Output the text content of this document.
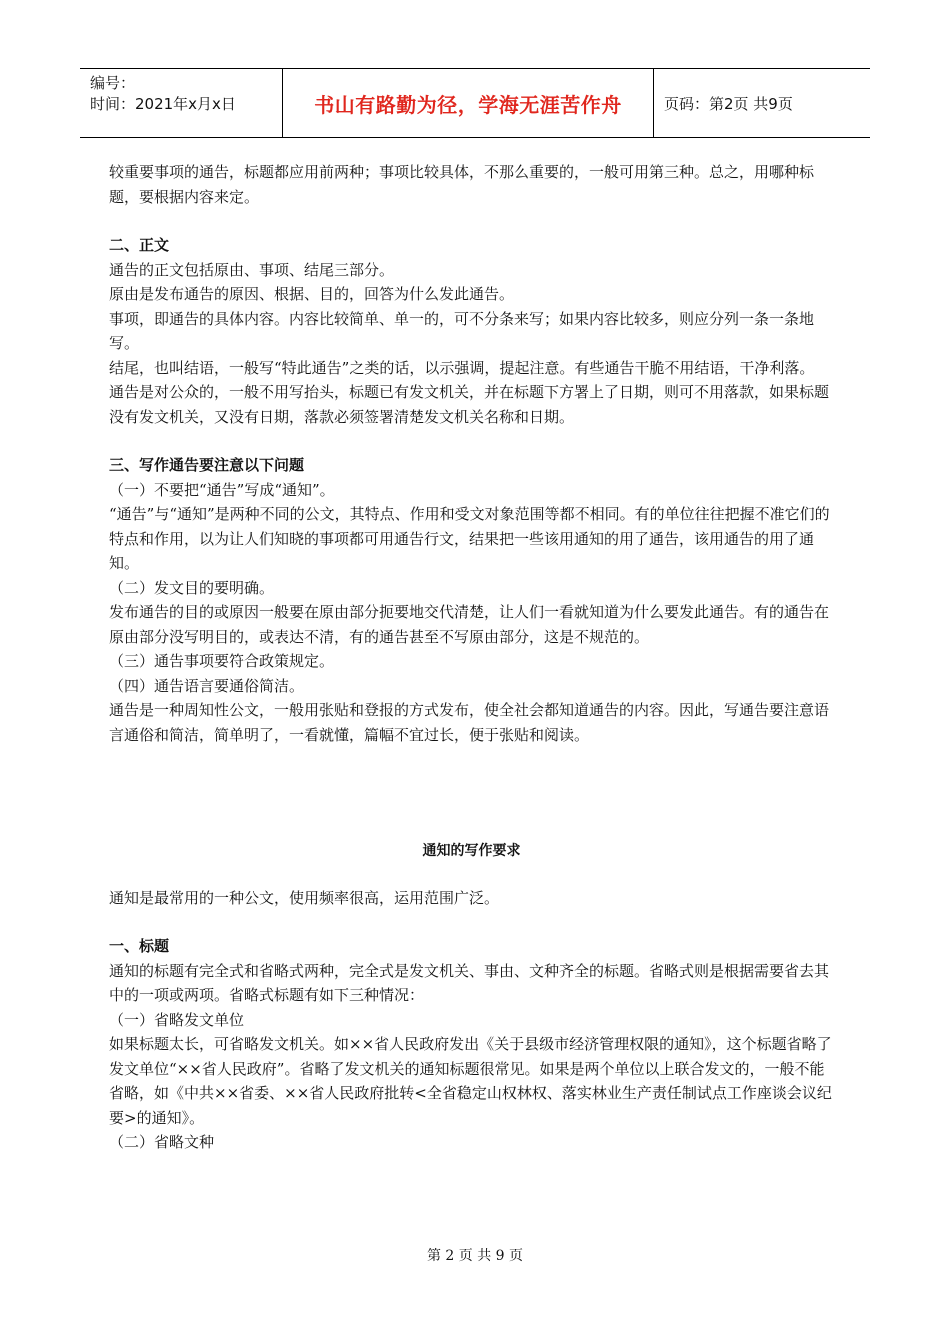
编号：
时间：2021年x月x日	书山有路勤为径，学海无涯苦作舟	页码：第2页 共9页

较重要事项的通告，标题都应用前两种；事项比较具体，不那么重要的，一般可用第三种。总之，用哪种标题，要根据内容来定。

二、正文

通告的正文包括原由、事项、结尾三部分。

原由是发布通告的原因、根据、目的，回答为什么发此通告。

事项，即通告的具体内容。内容比较简单、单一的，可不分条来写；如果内容比较多，则应分列一条一条地写。

结尾，也叫结语，一般写“特此通告”之类的话，以示强调，提起注意。有些通告干脆不用结语，干净利落。

通告是对公众的，一般不用写抬头，标题已有发文机关，并在标题下方署上了日期，则可不用落款，如果标题没有发文机关，又没有日期，落款必须签署清楚发文机关名称和日期。

三、写作通告要注意以下问题

（一）不要把“通告”写成“通知”。

“通告”与“通知”是两种不同的公文，其特点、作用和受文对象范围等都不相同。有的单位往往把握不准它们的特点和作用，以为让人们知晓的事项都可用通告行文，结果把一些该用通知的用了通告，该用通告的用了通知。

（二）发文目的要明确。

发布通告的目的或原因一般要在原由部分扼要地交代清楚，让人们一看就知道为什么要发此通告。有的通告在原由部分没写明目的，或表达不清，有的通告甚至不写原由部分，这是不规范的。

（三）通告事项要符合政策规定。

（四）通告语言要通俗简洁。

通告是一种周知性公文，一般用张贴和登报的方式发布，使全社会都知道通告的内容。因此，写通告要注意语言通俗和简洁，简单明了，一看就懂，篇幅不宜过长，便于张贴和阅读。

通知的写作要求

通知是最常用的一种公文，使用频率很高，运用范围广泛。

一、标题

通知的标题有完全式和省略式两种，完全式是发文机关、事由、文种齐全的标题。省略式则是根据需要省去其中的一项或两项。省略式标题有如下三种情况：

（一）省略发文单位

如果标题太长，可省略发文机关。如××省人民政府发出《关于县级市经济管理权限的通知》，这个标题省略了发文单位“××省人民政府”。省略了发文机关的通知标题很常见。如果是两个单位以上联合发文的，一般不能省略，如《中共××省委、××省人民政府批转<全省稳定山权林权、落实林业生产责任制试点工作座谈会议纪要>的通知》。

（二）省略文种

第 2 页 共 9 页
